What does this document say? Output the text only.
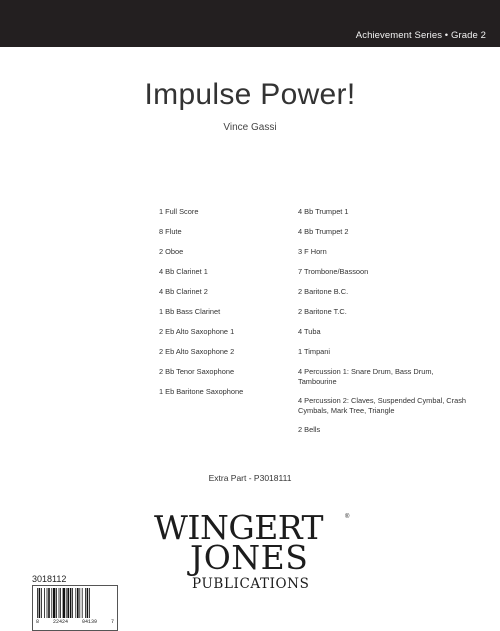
Achievement Series • Grade 2
Impulse Power!
Vince Gassi
1 Full Score
8 Flute
2 Oboe
4 Bb Clarinet 1
4 Bb Clarinet 2
1 Bb Bass Clarinet
2 Eb Alto Saxophone 1
2 Eb Alto Saxophone 2
2 Bb Tenor Saxophone
1 Eb Baritone Saxophone
4 Bb Trumpet 1
4 Bb Trumpet 2
3 F Horn
7 Trombone/Bassoon
2 Baritone B.C.
2 Baritone T.C.
4 Tuba
1 Timpani
4 Percussion 1: Snare Drum, Bass Drum, Tambourine
4 Percussion 2: Claves, Suspended Cymbal, Crash Cymbals, Mark Tree, Triangle
2 Bells
Extra Part - P3018111
WINGERT	®
JONES
PUBLICATIONS
3018112
8	22424	04139	7
